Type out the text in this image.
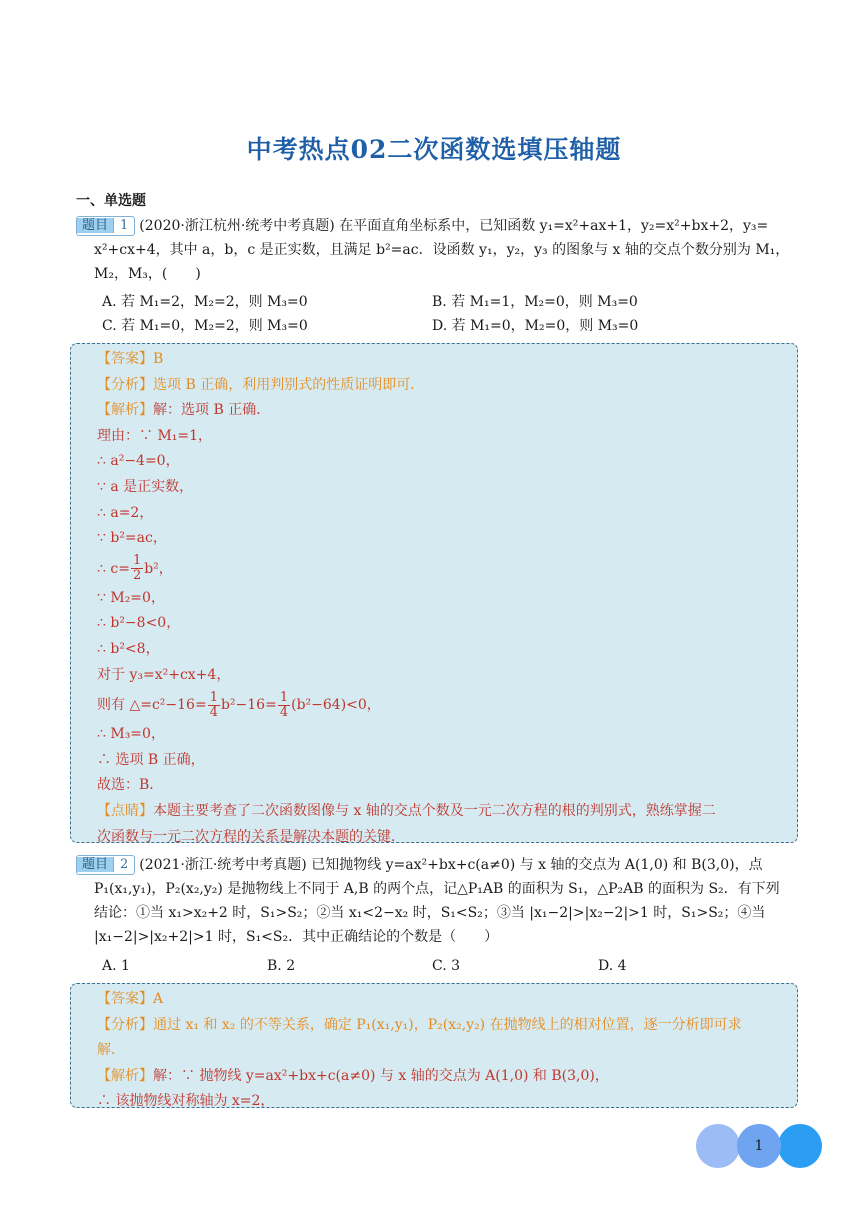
中考热点02二次函数选填压轴题
一、单选题
题目 1 (2020·浙江杭州·统考中考真题) 在平面直角坐标系中，已知函数 y₁=x²+ax+1，y₂=x²+bx+2，y₃=
x²+cx+4，其中 a，b，c 是正实数，且满足 b²=ac．设函数 y₁，y₂，y₃ 的图象与 x 轴的交点个数分别为 M₁，
M₂，M₃，(　　)
A. 若 M₁=2，M₂=2，则 M₃=0	B. 若 M₁=1，M₂=0，则 M₃=0
C. 若 M₁=0，M₂=2，则 M₃=0	D. 若 M₁=0，M₂=0，则 M₃=0
【答案】B
【分析】选项 B 正确，利用判别式的性质证明即可．
【解析】解：选项 B 正确．
理由：∵ M₁=1，
∴ a²−4=0，
∵ a 是正实数，
∴ a=2，
∵ b²=ac，
∴ $c= \frac{1}{2} b^2$，
∵ M₂=0，
∴ b²−8<0，
∴ b²<8，
对于 y₃=x²+cx+4，
则有 △=c²−16= $\frac{1}{4} b^2-16= \frac{1}{4} (b^2-64)<0$，
∴ M₃=0，
∴ 选项 B 正确，
故选：B．
【点睛】本题主要考查了二次函数图像与 x 轴的交点个数及一元二次方程的根的判别式，熟练掌握二
次函数与一元二次方程的关系是解决本题的关键．
题目 2 (2021·浙江·统考中考真题) 已知抛物线 y=ax²+bx+c(a≠0) 与 x 轴的交点为 A(1,0) 和 B(3,0)，点
P₁(x₁,y₁)，P₂(x₂,y₂) 是抛物线上不同于 A,B 的两个点，记△P₁AB 的面积为 S₁，△P₂AB 的面积为 S₂．有下列
结论：①当 x₁>x₂+2 时，S₁>S₂；②当 x₁<2−x₂ 时，S₁<S₂；③当 |x₁−2|>|x₂−2|>1 时，S₁>S₂；④当
|x₁−2|>|x₂+2|>1 时，S₁<S₂．其中正确结论的个数是（　　）
A. 1	B. 2	C. 3	D. 4
【答案】A
【分析】通过 x₁ 和 x₂ 的不等关系，确定 P₁(x₁,y₁)，P₂(x₂,y₂) 在抛物线上的相对位置，逐一分析即可求
解．
【解析】解：∵ 抛物线 y=ax²+bx+c(a≠0) 与 x 轴的交点为 A(1,0) 和 B(3,0)，
∴ 该抛物线对称轴为 x=2，
1
